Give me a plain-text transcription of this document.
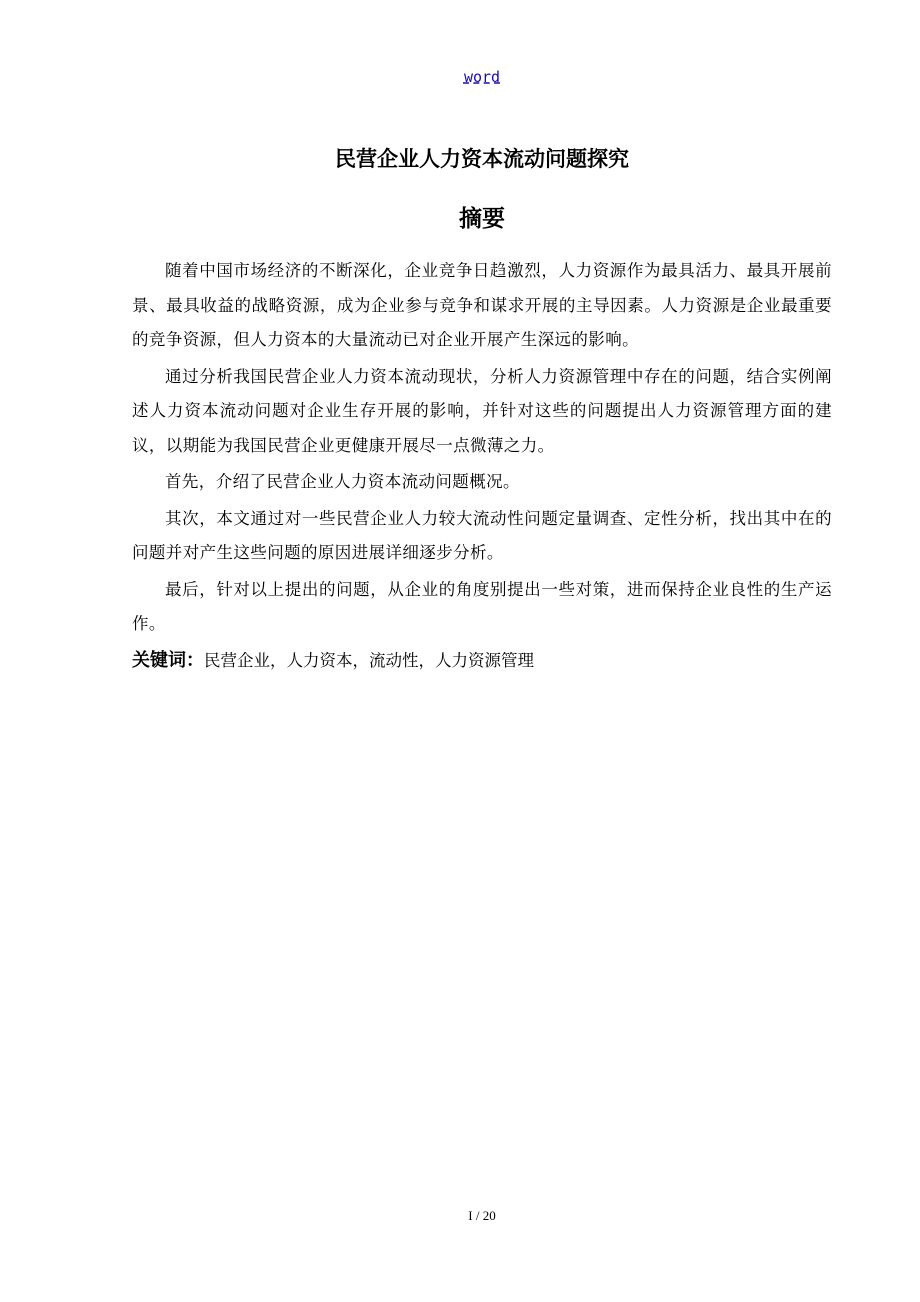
word
民营企业人力资本流动问题探究
摘要

随着中国市场经济的不断深化，企业竞争日趋激烈，人力资源作为最具活力、最具开展前景、最具收益的战略资源，成为企业参与竞争和谋求开展的主导因素。人力资源是企业最重要的竞争资源，但人力资本的大量流动已对企业开展产生深远的影响。

通过分析我国民营企业人力资本流动现状，分析人力资源管理中存在的问题，结合实例阐述人力资本流动问题对企业生存开展的影响，并针对这些的问题提出人力资源管理方面的建议，以期能为我国民营企业更健康开展尽一点微薄之力。

首先，介绍了民营企业人力资本流动问题概况。

其次，本文通过对一些民营企业人力较大流动性问题定量调查、定性分析，找出其中在的问题并对产生这些问题的原因进展详细逐步分析。

最后，针对以上提出的问题，从企业的角度别提出一些对策，进而保持企业良性的生产运作。

关键词：民营企业，人力资本，流动性，人力资源管理

I / 20
